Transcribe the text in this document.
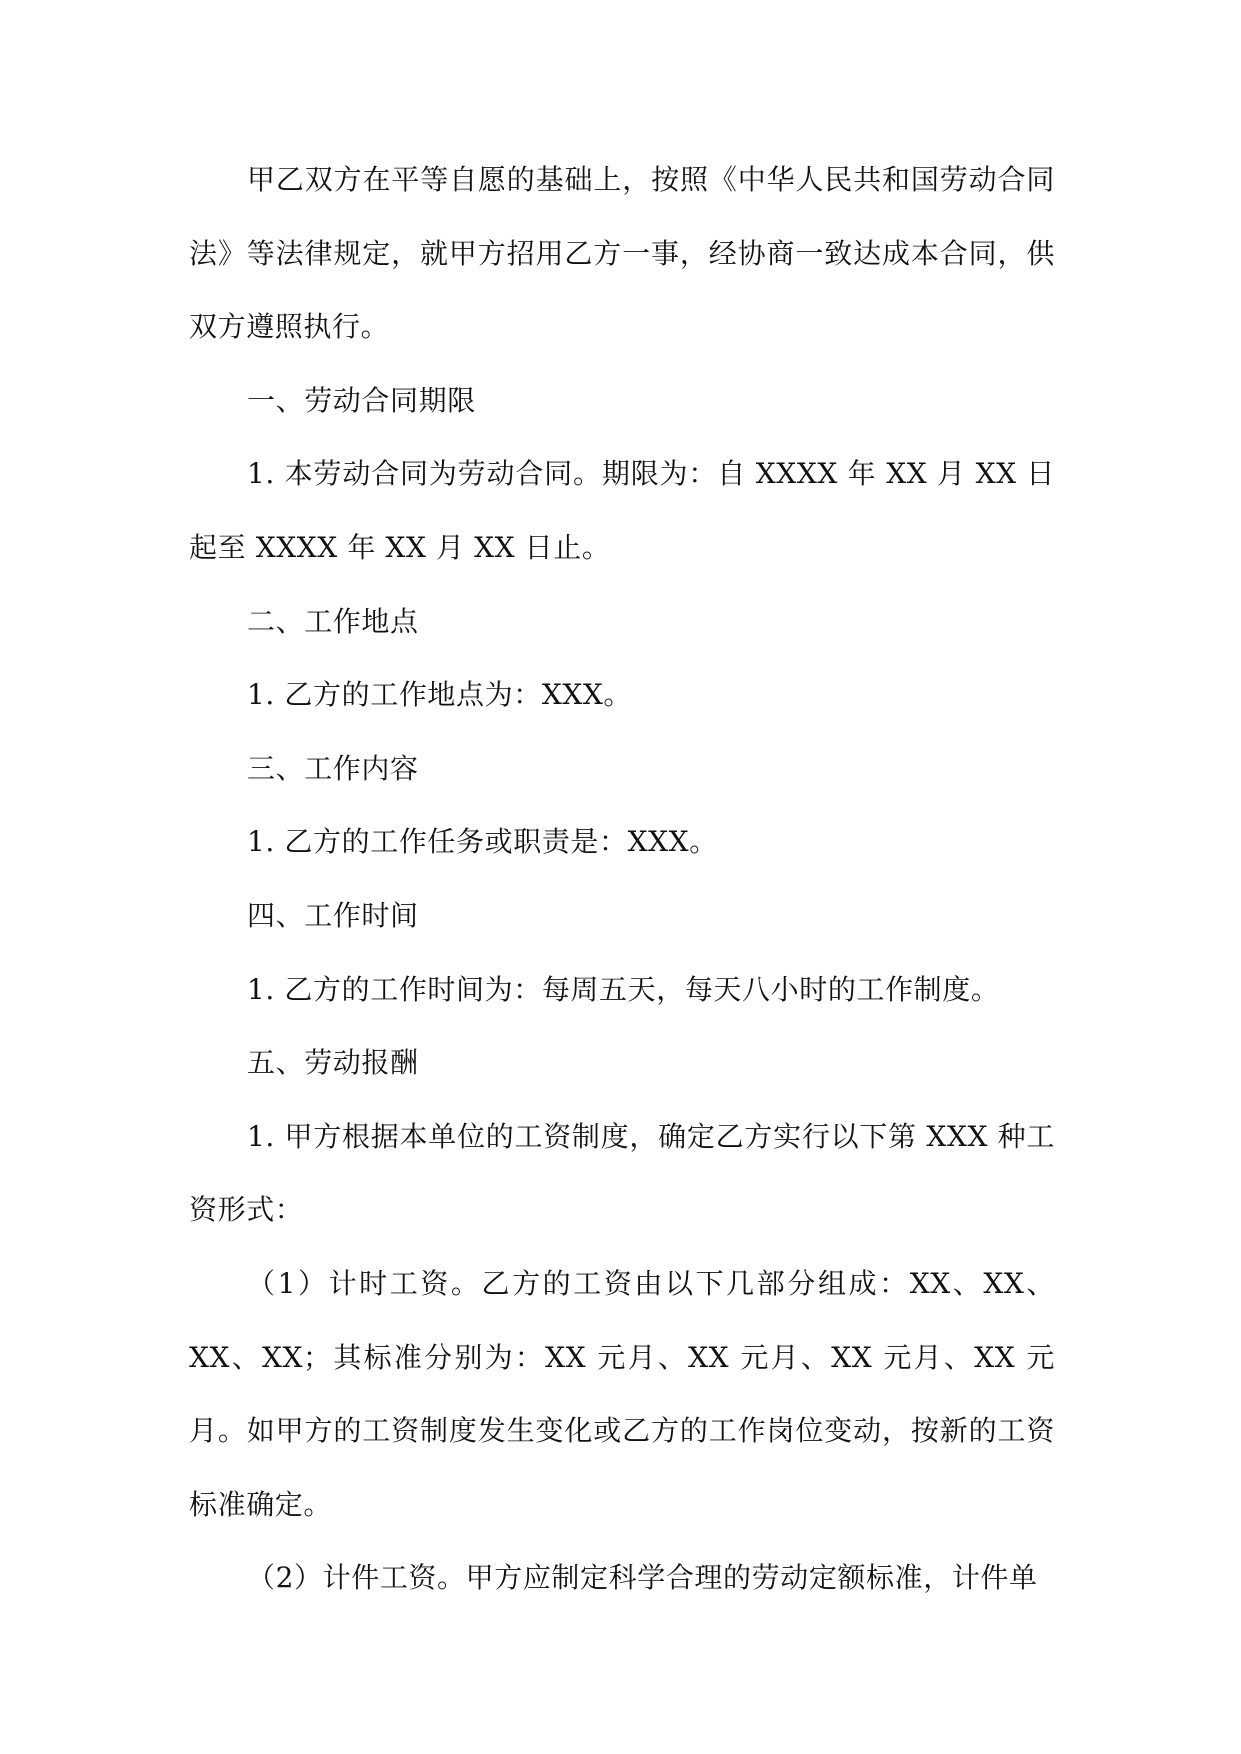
甲乙双方在平等自愿的基础上，按照《中华人民共和国劳动合同法》等法律规定，就甲方招用乙方一事，经协商一致达成本合同，供双方遵照执行。

一、劳动合同期限

1. 本劳动合同为劳动合同。期限为：自 XXXX 年 XX 月 XX 日起至 XXXX 年 XX 月 XX 日止。

二、工作地点

1. 乙方的工作地点为：XXX。

三、工作内容

1. 乙方的工作任务或职责是：XXX。

四、工作时间

1. 乙方的工作时间为：每周五天，每天八小时的工作制度。

五、劳动报酬

1. 甲方根据本单位的工资制度，确定乙方实行以下第 XXX 种工资形式：

（1）计时工资。乙方的工资由以下几部分组成：XX、XX、XX、XX；其标准分别为：XX 元月、XX 元月、XX 元月、XX 元月。如甲方的工资制度发生变化或乙方的工作岗位变动，按新的工资标准确定。

（2）计件工资。甲方应制定科学合理的劳动定额标准，计件单
